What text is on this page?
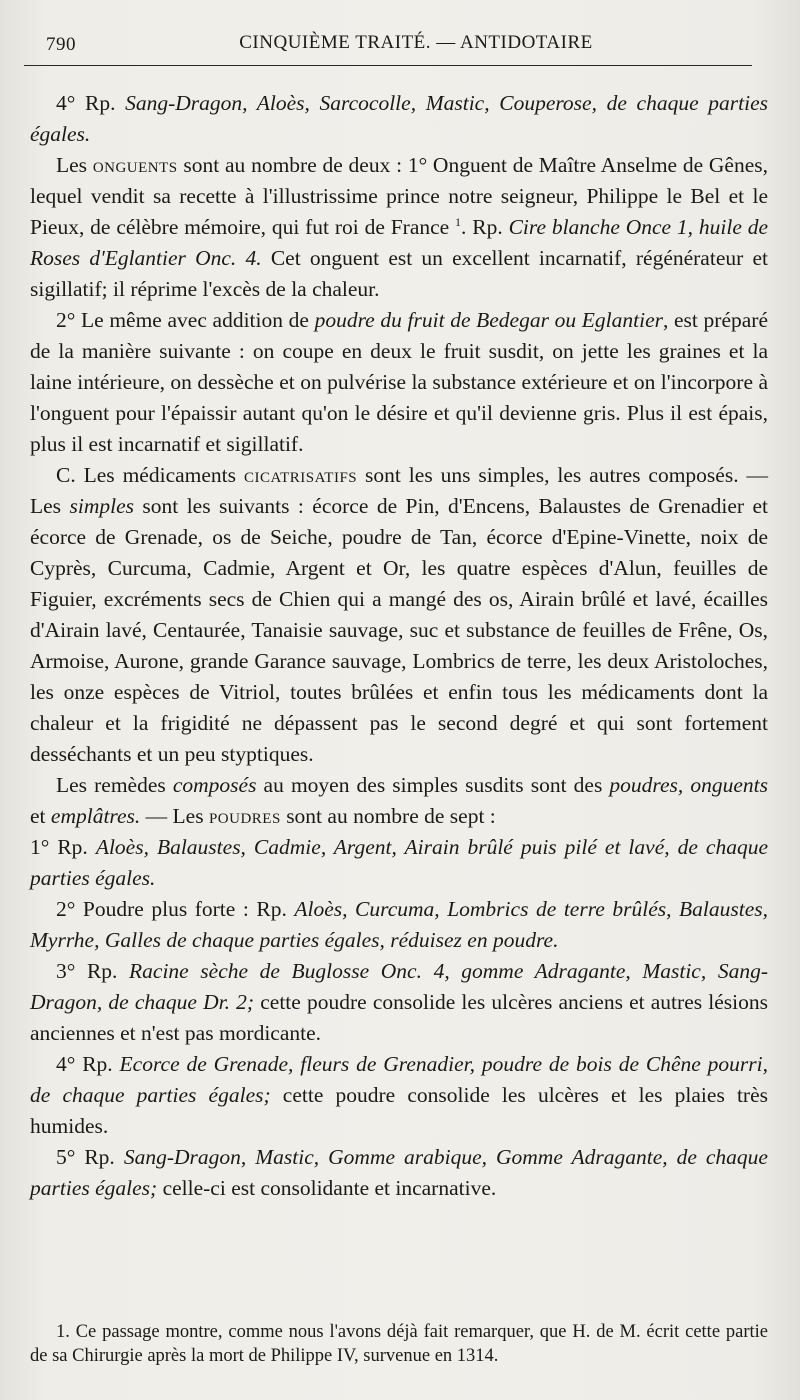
790	CINQUIÈME TRAITÉ. — ANTIDOTAIRE

4° Rp. Sang-Dragon, Aloès, Sarcocolle, Mastic, Couperose, de chaque parties égales.

Les onguents sont au nombre de deux : 1° Onguent de Maître Anselme de Gênes, lequel vendit sa recette à l'illustrissime prince notre seigneur, Philippe le Bel et le Pieux, de célèbre mémoire, qui fut roi de France $^1$. Rp. Cire blanche Once 1, huile de Roses d'Eglantier Onc. 4. Cet onguent est un excellent incarnatif, régénérateur et sigillatif; il réprime l'excès de la chaleur.

2° Le même avec addition de poudre du fruit de Bedegar ou Eglantier, est préparé de la manière suivante : on coupe en deux le fruit susdit, on jette les graines et la laine intérieure, on dessèche et on pulvérise la substance extérieure et on l'incorpore à l'onguent pour l'épaissir autant qu'on le désire et qu'il devienne gris. Plus il est épais, plus il est incarnatif et sigillatif.

C. Les médicaments cicatrisatifs sont les uns simples, les autres composés. — Les simples sont les suivants : écorce de Pin, d'Encens, Balaustes de Grenadier et écorce de Grenade, os de Seiche, poudre de Tan, écorce d'Epine-Vinette, noix de Cyprès, Curcuma, Cadmie, Argent et Or, les quatre espèces d'Alun, feuilles de Figuier, excréments secs de Chien qui a mangé des os, Airain brûlé et lavé, écailles d'Airain lavé, Centaurée, Tanaisie sauvage, suc et substance de feuilles de Frêne, Os, Armoise, Aurone, grande Garance sauvage, Lombrics de terre, les deux Aristoloches, les onze espèces de Vitriol, toutes brûlées et enfin tous les médicaments dont la chaleur et la frigidité ne dépassent pas le second degré et qui sont fortement desséchants et un peu styptiques.

Les remèdes composés au moyen des simples susdits sont des poudres, onguents et emplâtres. — Les poudres sont au nombre de sept :

1° Rp. Aloès, Balaustes, Cadmie, Argent, Airain brûlé puis pilé et lavé, de chaque parties égales.

2° Poudre plus forte : Rp. Aloès, Curcuma, Lombrics de terre brûlés, Balaustes, Myrrhe, Galles de chaque parties égales, réduisez en poudre.

3° Rp. Racine sèche de Buglosse Onc. 4, gomme Adragante, Mastic, Sang-Dragon, de chaque Dr. 2; cette poudre consolide les ulcères anciens et autres lésions anciennes et n'est pas mordicante.

4° Rp. Ecorce de Grenade, fleurs de Grenadier, poudre de bois de Chêne pourri, de chaque parties égales; cette poudre consolide les ulcères et les plaies très humides.

5° Rp. Sang-Dragon, Mastic, Gomme arabique, Gomme Adragante, de chaque parties égales; celle-ci est consolidante et incarnative.

1. Ce passage montre, comme nous l'avons déjà fait remarquer, que H. de M. écrit cette partie de sa Chirurgie après la mort de Philippe IV, survenue en 1314.
